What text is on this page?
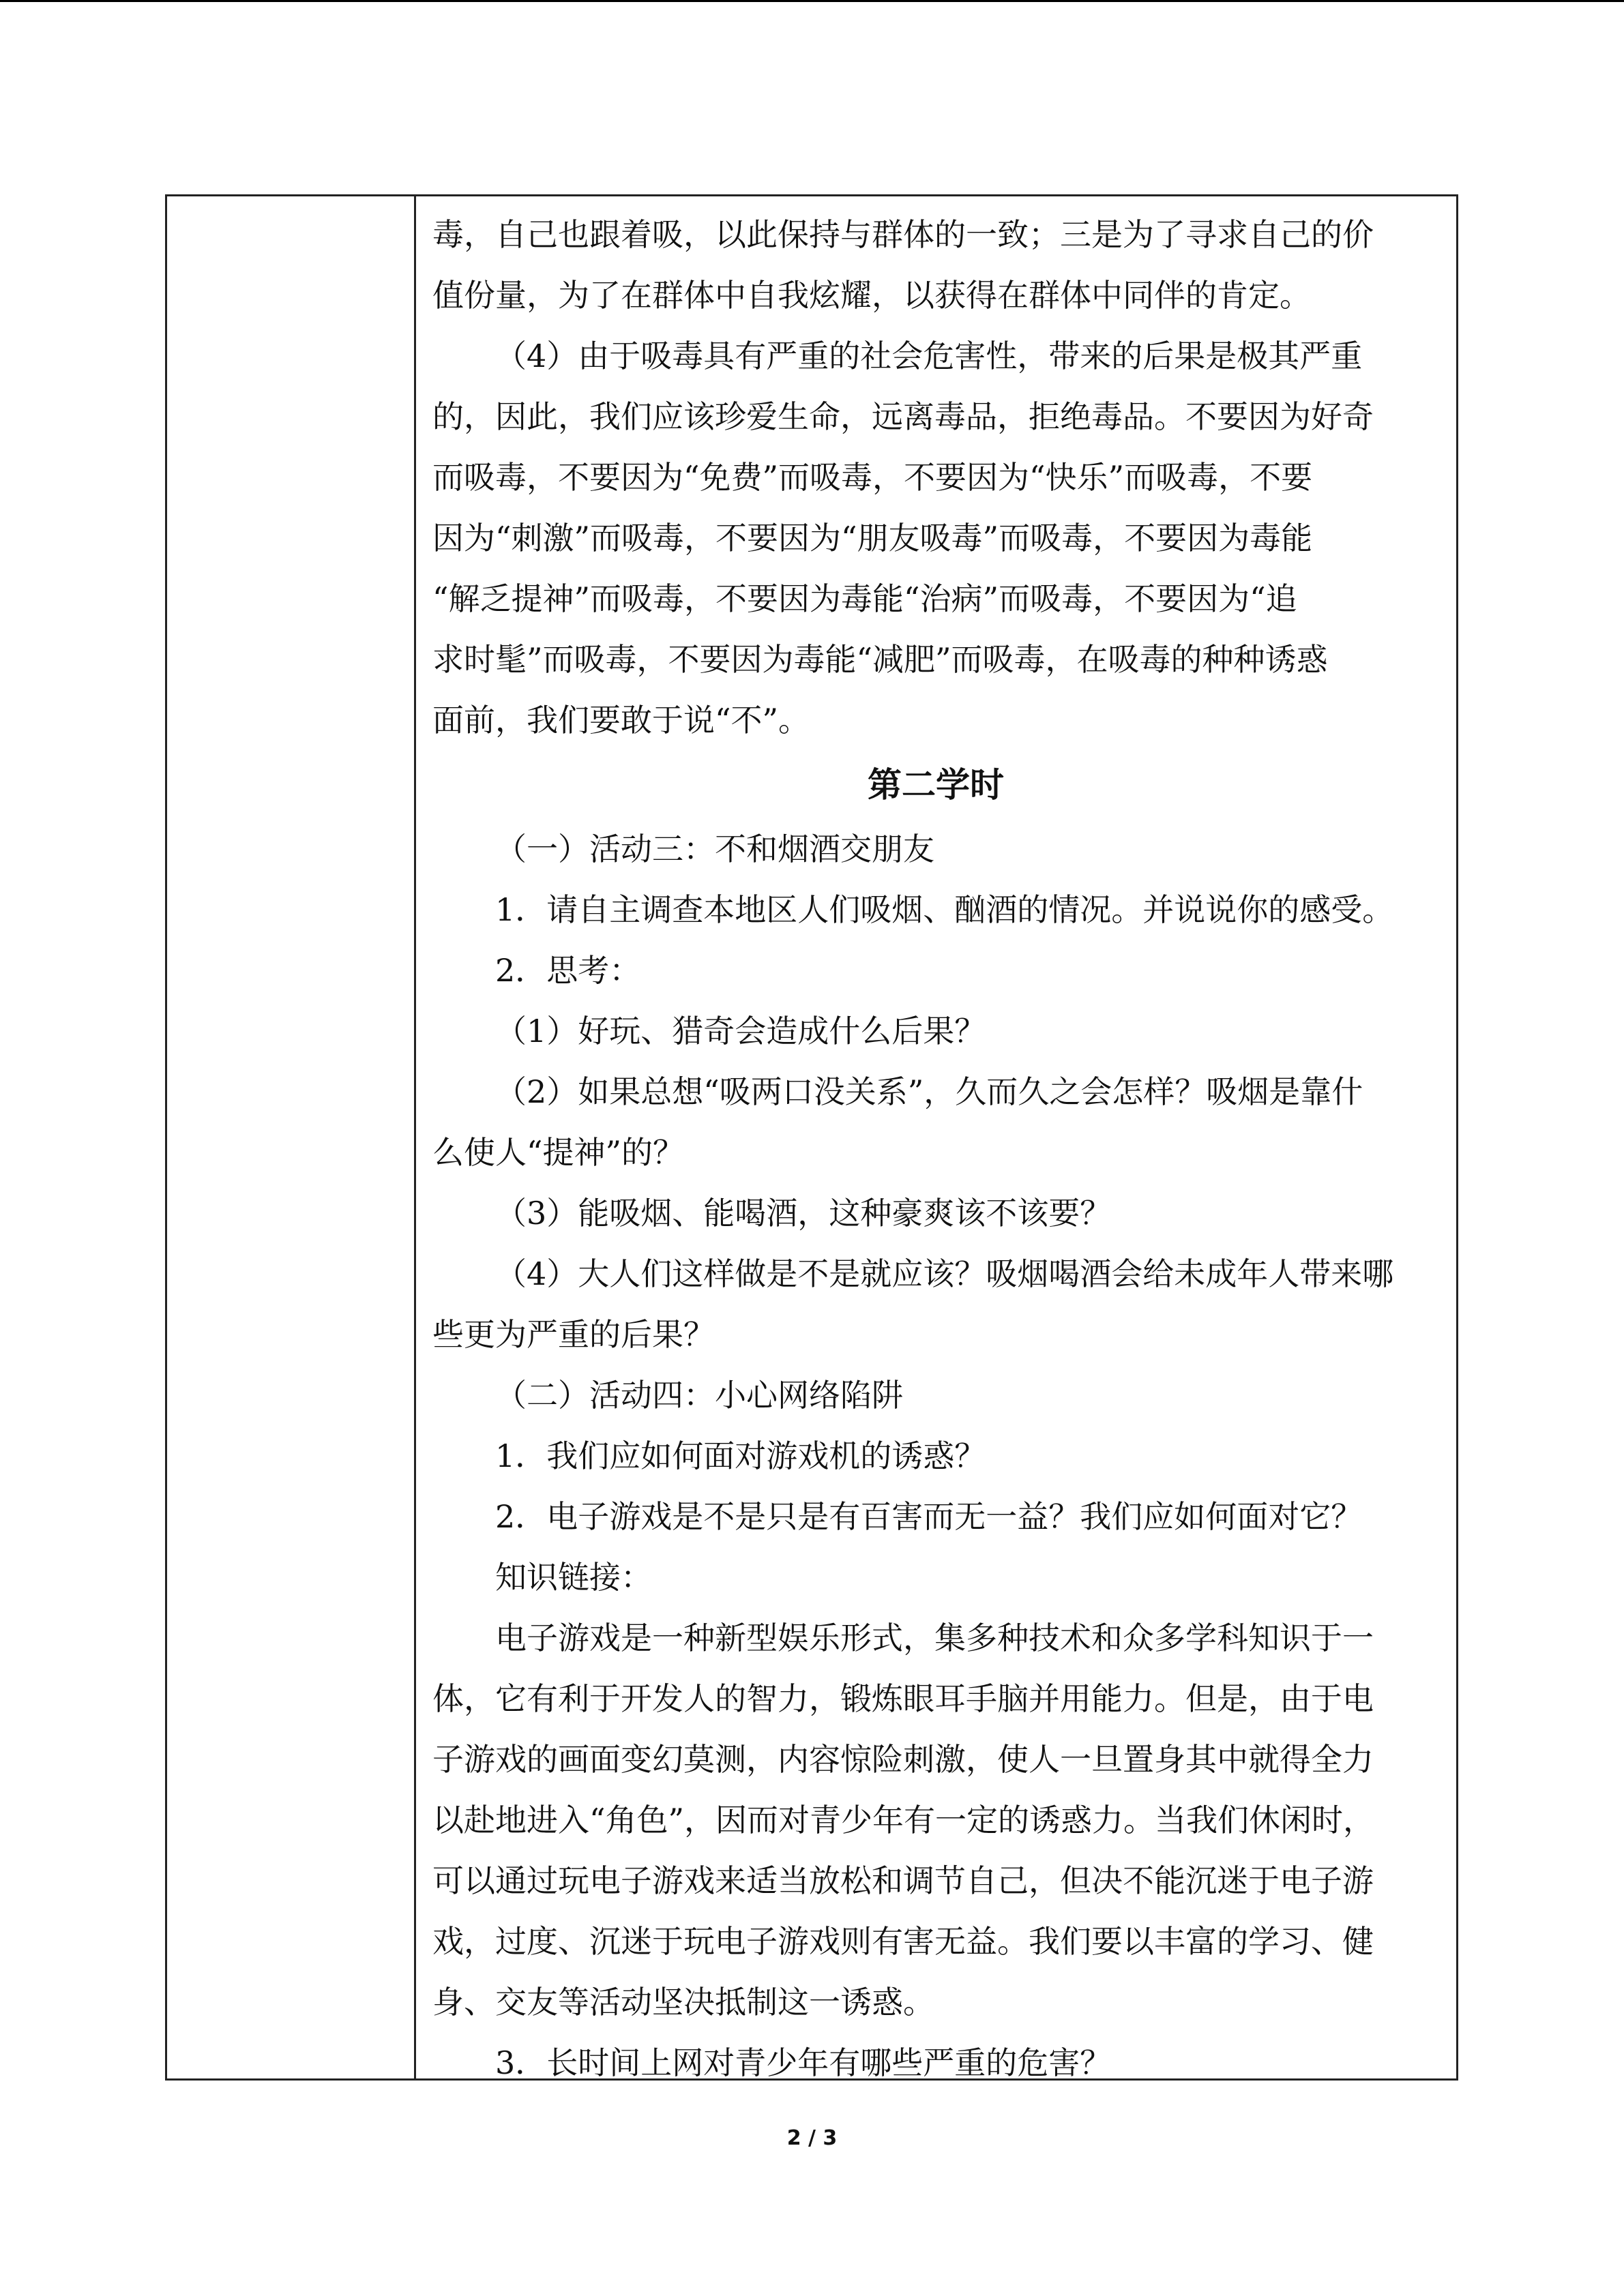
毒，自己也跟着吸，以此保持与群体的一致；三是为了寻求自己的价
值份量，为了在群体中自我炫耀，以获得在群体中同伴的肯定。
（4）由于吸毒具有严重的社会危害性，带来的后果是极其严重
的，因此，我们应该珍爱生命，远离毒品，拒绝毒品。不要因为好奇
而吸毒，不要因为“免费”而吸毒，不要因为“快乐”而吸毒，不要
因为“刺激”而吸毒，不要因为“朋友吸毒”而吸毒，不要因为毒能
“解乏提神”而吸毒，不要因为毒能“治病”而吸毒，不要因为“追
求时髦”而吸毒，不要因为毒能“减肥”而吸毒，在吸毒的种种诱惑
面前，我们要敢于说“不”。
第二学时
（一）活动三：不和烟酒交朋友
1．请自主调查本地区人们吸烟、酗酒的情况。并说说你的感受。
2．思考：
（1）好玩、猎奇会造成什么后果？
（2）如果总想“吸两口没关系”，久而久之会怎样？吸烟是靠什
么使人“提神”的？
（3）能吸烟、能喝酒，这种豪爽该不该要？
（4）大人们这样做是不是就应该？吸烟喝酒会给未成年人带来哪
些更为严重的后果？
（二）活动四：小心网络陷阱
1．我们应如何面对游戏机的诱惑？
2．电子游戏是不是只是有百害而无一益？我们应如何面对它？
知识链接：
电子游戏是一种新型娱乐形式，集多种技术和众多学科知识于一
体，它有利于开发人的智力，锻炼眼耳手脑并用能力。但是，由于电
子游戏的画面变幻莫测，内容惊险刺激，使人一旦置身其中就得全力
以赴地进入“角色”，因而对青少年有一定的诱惑力。当我们休闲时，
可以通过玩电子游戏来适当放松和调节自己，但决不能沉迷于电子游
戏，过度、沉迷于玩电子游戏则有害无益。我们要以丰富的学习、健
身、交友等活动坚决抵制这一诱惑。
3．长时间上网对青少年有哪些严重的危害？
2 / 3
